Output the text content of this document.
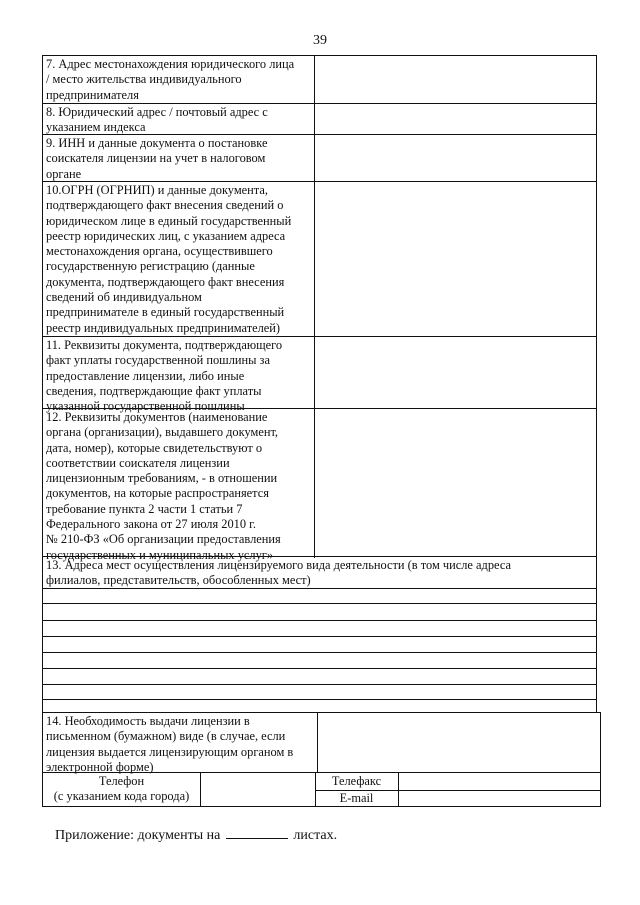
39
7. Адрес местонахождения юридического лица
/ место жительства индивидуального
предпринимателя
8. Юридический адрес / почтовый адрес с
указанием индекса
9. ИНН и данные документа о постановке
соискателя лицензии на учет в налоговом
органе
10.ОГРН (ОГРНИП) и данные документа,
подтверждающего факт внесения сведений о
юридическом лице в единый государственный
реестр юридических лиц, с указанием адреса
местонахождения органа, осуществившего
государственную регистрацию (данные
документа, подтверждающего факт внесения
сведений об индивидуальном
предпринимателе в единый государственный
реестр индивидуальных предпринимателей)
11. Реквизиты документа, подтверждающего
факт уплаты государственной пошлины за
предоставление лицензии, либо иные
сведения, подтверждающие факт уплаты
указанной государственной пошлины
12. Реквизиты документов (наименование
органа (организации), выдавшего документ,
дата, номер), которые свидетельствуют о
соответствии соискателя лицензии
лицензионным требованиям, - в отношении
документов, на которые распространяется
требование пункта 2 части 1 статьи 7
Федерального закона от 27 июля 2010 г.
№ 210-ФЗ «Об организации предоставления
государственных и муниципальных услуг»
13. Адреса мест осуществления лицензируемого вида деятельности (в том числе адреса
филиалов, представительств, обособленных мест)
14. Необходимость выдачи лицензии в
письменном (бумажном) виде (в случае, если
лицензия выдается лицензирующим органом в
электронной форме)
Телефон
(с указанием кода города)
Телефакс
E-mail
Приложение: документы на	листах.
